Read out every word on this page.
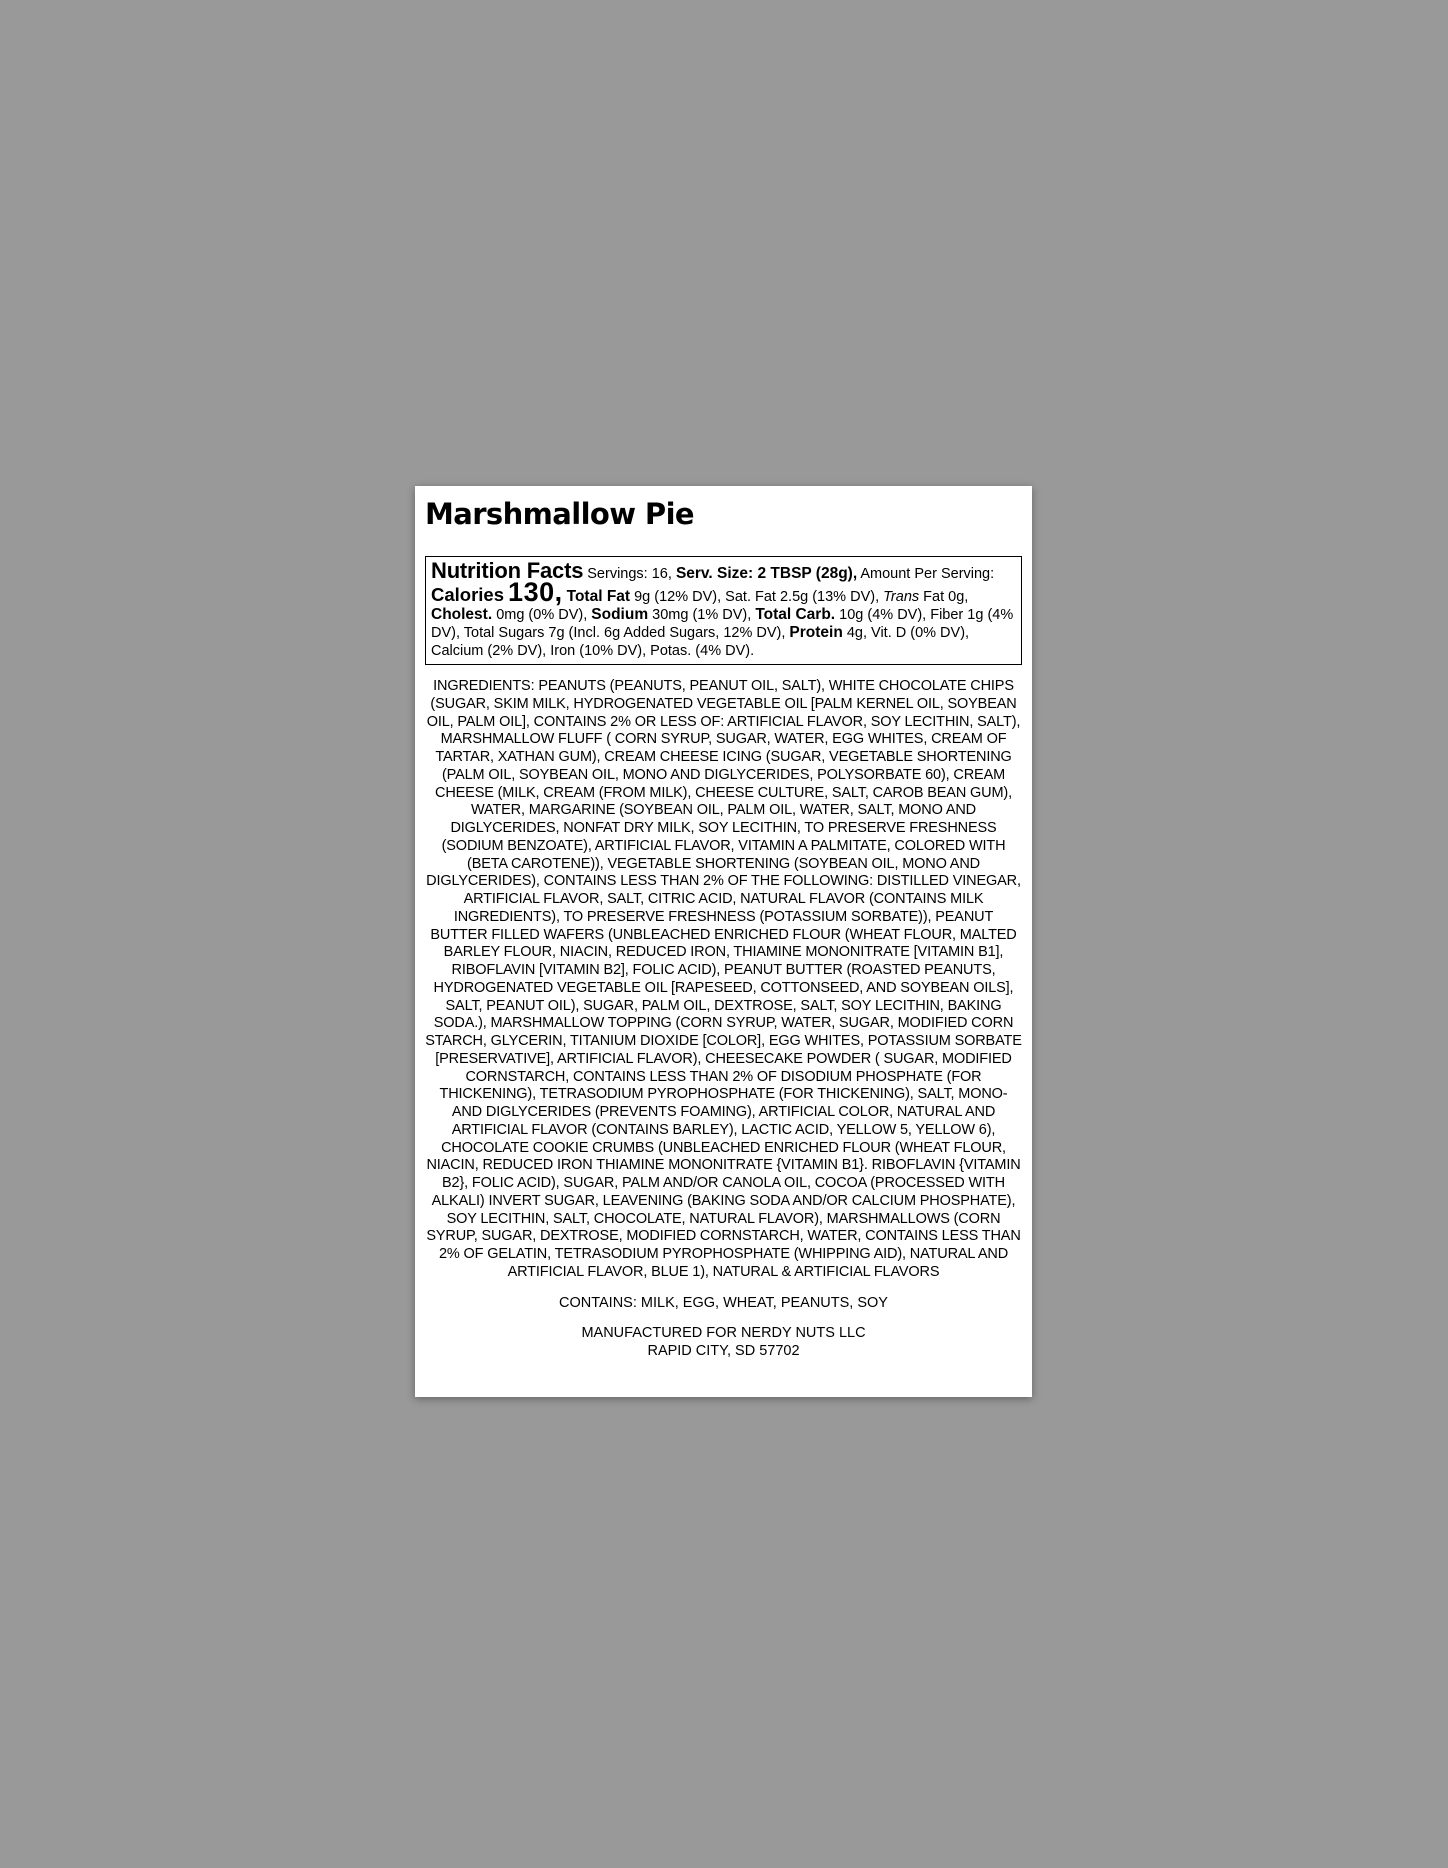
Marshmallow Pie
Nutrition Facts Servings: 16, Serv. Size: 2 TBSP (28g), Amount Per Serving: Calories 130, Total Fat 9g (12% DV), Sat. Fat 2.5g (13% DV), Trans Fat 0g, Cholest. 0mg (0% DV), Sodium 30mg (1% DV), Total Carb. 10g (4% DV), Fiber 1g (4% DV), Total Sugars 7g (Incl. 6g Added Sugars, 12% DV), Protein 4g, Vit. D (0% DV), Calcium (2% DV), Iron (10% DV), Potas. (4% DV).
INGREDIENTS: PEANUTS (PEANUTS, PEANUT OIL, SALT), WHITE CHOCOLATE CHIPS (SUGAR, SKIM MILK, HYDROGENATED VEGETABLE OIL [PALM KERNEL OIL, SOYBEAN OIL, PALM OIL], CONTAINS 2% OR LESS OF: ARTIFICIAL FLAVOR, SOY LECITHIN, SALT), MARSHMALLOW FLUFF ( CORN SYRUP, SUGAR, WATER, EGG WHITES, CREAM OF TARTAR, XATHAN GUM), CREAM CHEESE ICING (SUGAR, VEGETABLE SHORTENING (PALM OIL, SOYBEAN OIL, MONO AND DIGLYCERIDES, POLYSORBATE 60), CREAM CHEESE (MILK, CREAM (FROM MILK), CHEESE CULTURE, SALT, CAROB BEAN GUM), WATER, MARGARINE (SOYBEAN OIL, PALM OIL, WATER, SALT, MONO AND DIGLYCERIDES, NONFAT DRY MILK, SOY LECITHIN, TO PRESERVE FRESHNESS (SODIUM BENZOATE), ARTIFICIAL FLAVOR, VITAMIN A PALMITATE, COLORED WITH (BETA CAROTENE)), VEGETABLE SHORTENING (SOYBEAN OIL, MONO AND DIGLYCERIDES), CONTAINS LESS THAN 2% OF THE FOLLOWING: DISTILLED VINEGAR, ARTIFICIAL FLAVOR, SALT, CITRIC ACID, NATURAL FLAVOR (CONTAINS MILK INGREDIENTS), TO PRESERVE FRESHNESS (POTASSIUM SORBATE)), PEANUT BUTTER FILLED WAFERS (UNBLEACHED ENRICHED FLOUR (WHEAT FLOUR, MALTED BARLEY FLOUR, NIACIN, REDUCED IRON, THIAMINE MONONITRATE [VITAMIN B1], RIBOFLAVIN [VITAMIN B2], FOLIC ACID), PEANUT BUTTER (ROASTED PEANUTS, HYDROGENATED VEGETABLE OIL [RAPESEED, COTTONSEED, AND SOYBEAN OILS], SALT, PEANUT OIL), SUGAR, PALM OIL, DEXTROSE, SALT, SOY LECITHIN, BAKING SODA.), MARSHMALLOW TOPPING (CORN SYRUP, WATER, SUGAR, MODIFIED CORN STARCH, GLYCERIN, TITANIUM DIOXIDE [COLOR], EGG WHITES, POTASSIUM SORBATE [PRESERVATIVE], ARTIFICIAL FLAVOR), CHEESECAKE POWDER ( SUGAR, MODIFIED CORNSTARCH, CONTAINS LESS THAN 2% OF DISODIUM PHOSPHATE (FOR THICKENING), TETRASODIUM PYROPHOSPHATE (FOR THICKENING), SALT, MONO- AND DIGLYCERIDES (PREVENTS FOAMING), ARTIFICIAL COLOR, NATURAL AND ARTIFICIAL FLAVOR (CONTAINS BARLEY), LACTIC ACID, YELLOW 5, YELLOW 6), CHOCOLATE COOKIE CRUMBS (UNBLEACHED ENRICHED FLOUR (WHEAT FLOUR, NIACIN, REDUCED IRON THIAMINE MONONITRATE {VITAMIN B1}. RIBOFLAVIN {VITAMIN B2}, FOLIC ACID), SUGAR, PALM AND/OR CANOLA OIL, COCOA (PROCESSED WITH ALKALI) INVERT SUGAR, LEAVENING (BAKING SODA AND/OR CALCIUM PHOSPHATE), SOY LECITHIN, SALT, CHOCOLATE, NATURAL FLAVOR), MARSHMALLOWS (CORN SYRUP, SUGAR, DEXTROSE, MODIFIED CORNSTARCH, WATER, CONTAINS LESS THAN 2% OF GELATIN, TETRASODIUM PYROPHOSPHATE (WHIPPING AID), NATURAL AND ARTIFICIAL FLAVOR, BLUE 1), NATURAL & ARTIFICIAL FLAVORS
CONTAINS: MILK, EGG, WHEAT, PEANUTS, SOY
MANUFACTURED FOR NERDY NUTS LLC
RAPID CITY, SD 57702
